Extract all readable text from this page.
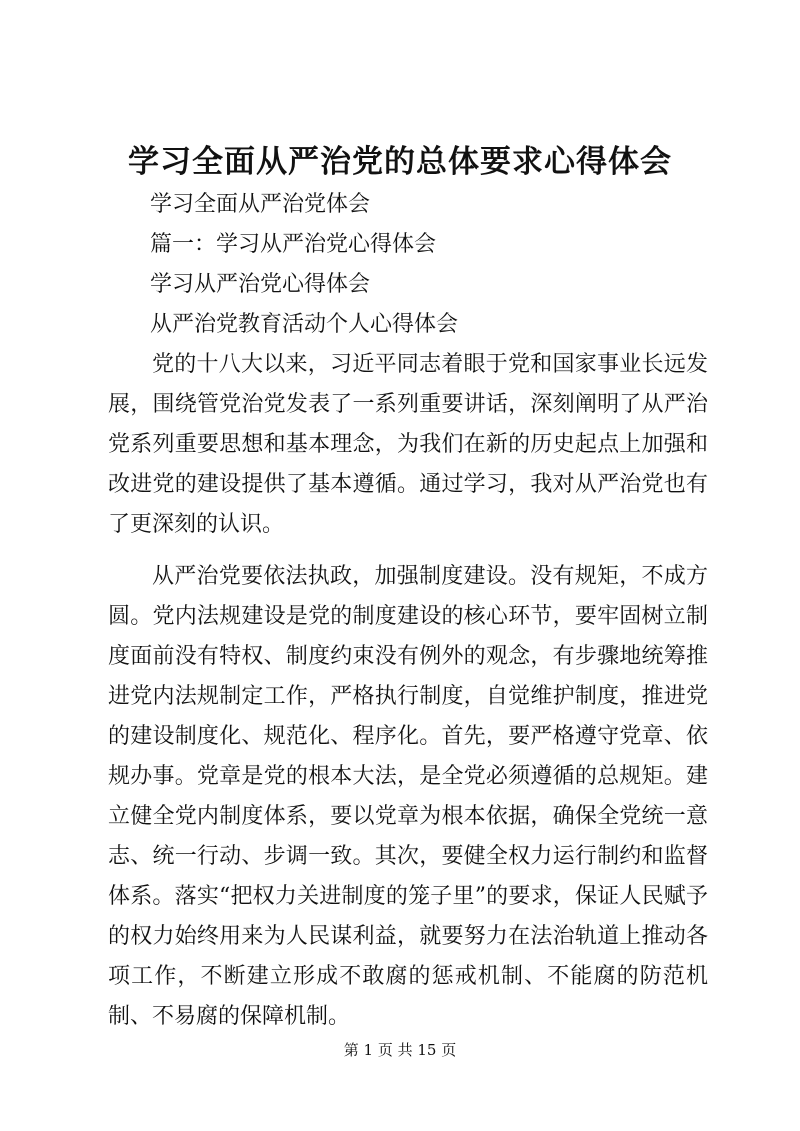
学习全面从严治党的总体要求心得体会

学习全面从严治党体会

篇一：学习从严治党心得体会

学习从严治党心得体会

从严治党教育活动个人心得体会

党的十八大以来，习近平同志着眼于党和国家事业长远发展，围绕管党治党发表了一系列重要讲话，深刻阐明了从严治党系列重要思想和基本理念，为我们在新的历史起点上加强和改进党的建设提供了基本遵循。通过学习，我对从严治党也有了更深刻的认识。

从严治党要依法执政，加强制度建设。没有规矩，不成方圆。党内法规建设是党的制度建设的核心环节，要牢固树立制度面前没有特权、制度约束没有例外的观念，有步骤地统筹推进党内法规制定工作，严格执行制度，自觉维护制度，推进党的建设制度化、规范化、程序化。首先，要严格遵守党章、依规办事。党章是党的根本大法，是全党必须遵循的总规矩。建立健全党内制度体系，要以党章为根本依据，确保全党统一意志、统一行动、步调一致。其次，要健全权力运行制约和监督体系。落实“把权力关进制度的笼子里”的要求，保证人民赋予的权力始终用来为人民谋利益，就要努力在法治轨道上推动各项工作，不断建立形成不敢腐的惩戒机制、不能腐的防范机制、不易腐的保障机制。

第 1 页 共 15 页
